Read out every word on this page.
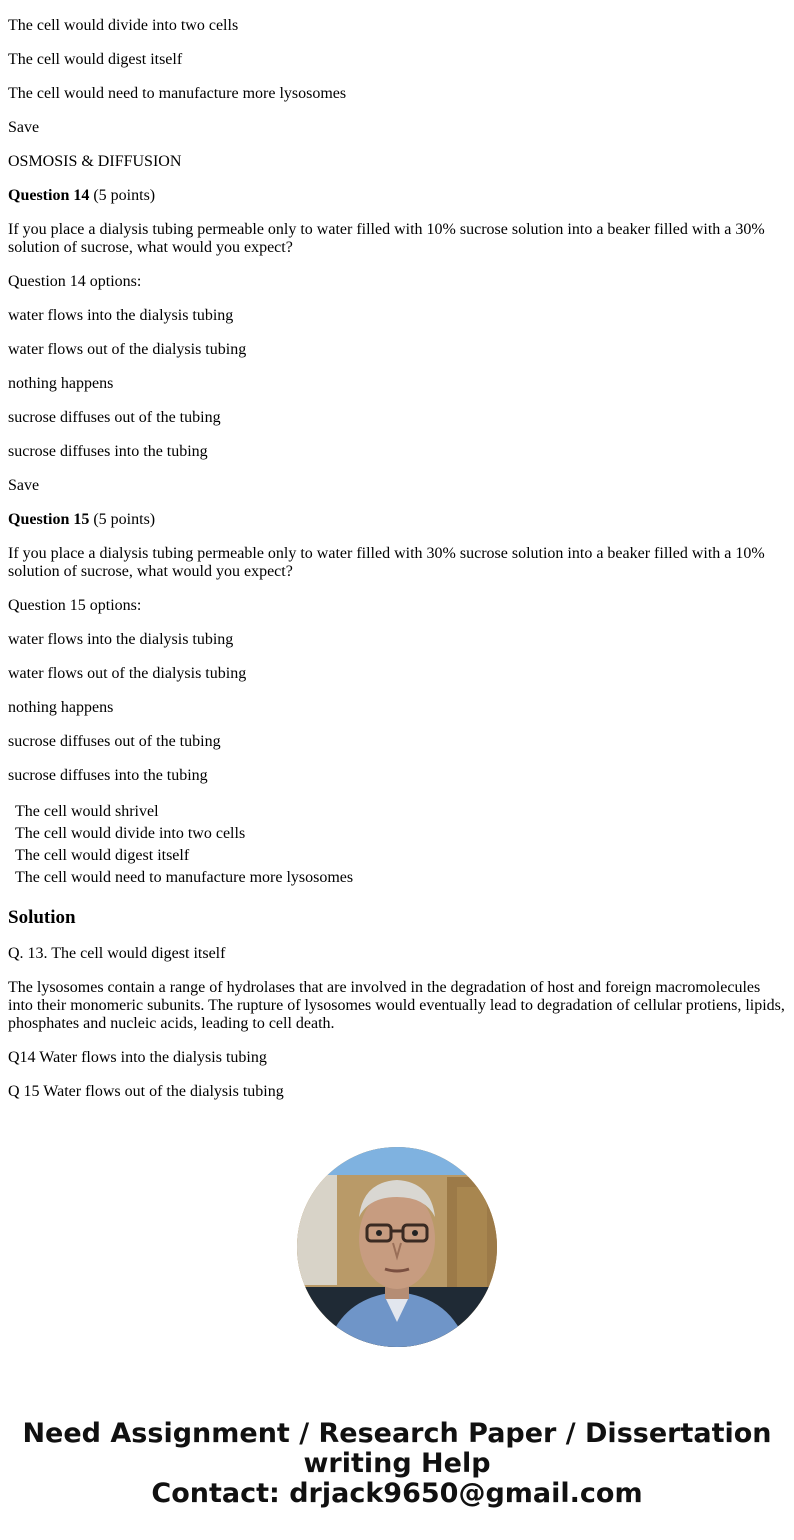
The cell would divide into two cells

The cell would digest itself

The cell would need to manufacture more lysosomes

Save

OSMOSIS & DIFFUSION

Question 14 (5 points)

If you place a dialysis tubing permeable only to water filled with 10% sucrose solution into a beaker filled with a 30% solution of sucrose, what would you expect?

Question 14 options:

water flows into the dialysis tubing

water flows out of the dialysis tubing

nothing happens

sucrose diffuses out of the tubing

sucrose diffuses into the tubing

Save

Question 15 (5 points)

If you place a dialysis tubing permeable only to water filled with 30% sucrose solution into a beaker filled with a 10% solution of sucrose, what would you expect?

Question 15 options:

water flows into the dialysis tubing

water flows out of the dialysis tubing

nothing happens

sucrose diffuses out of the tubing

sucrose diffuses into the tubing

The cell would shrivel
The cell would divide into two cells
The cell would digest itself
The cell would need to manufacture more lysosomes
Solution

Q. 13. The cell would digest itself

The lysosomes contain a range of hydrolases that are involved in the degradation of host and foreign macromolecules into their monomeric subunits. The rupture of lysosomes would eventually lead to degradation of cellular protiens, lipids, phosphates and nucleic acids, leading to cell death.

Q14 Water flows into the dialysis tubing

Q 15 Water flows out of the dialysis tubing

Need Assignment / Research Paper / Dissertation
writing Help
Contact: drjack9650@gmail.com
